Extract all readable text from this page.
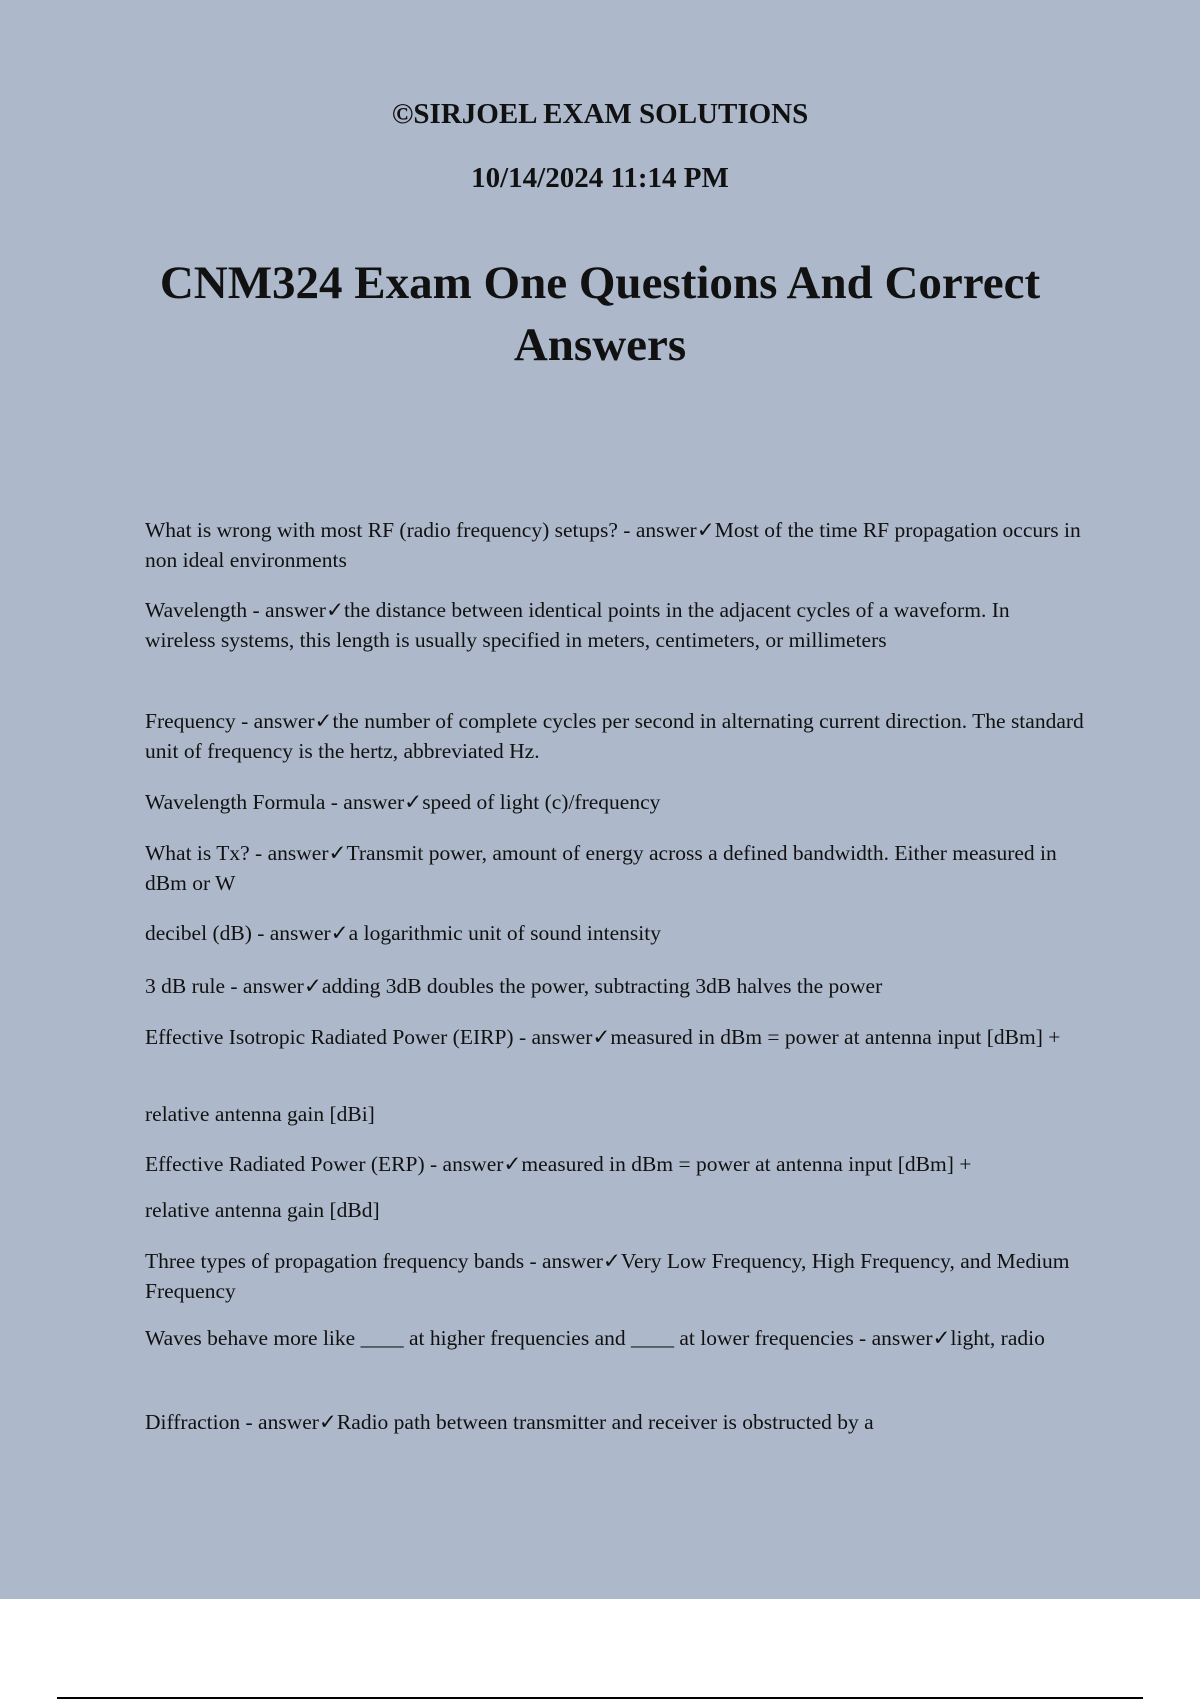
©SIRJOEL EXAM SOLUTIONS

10/14/2024 11:14 PM

CNM324 Exam One Questions And Correct Answers

What is wrong with most RF (radio frequency) setups? - answer✓Most of the time RF propagation occurs in non ideal environments

Wavelength - answer✓the distance between identical points in the adjacent cycles of a waveform. In wireless systems, this length is usually specified in meters, centimeters, or millimeters

Frequency - answer✓the number of complete cycles per second in alternating current direction. The standard unit of frequency is the hertz, abbreviated Hz.

Wavelength Formula - answer✓speed of light (c)/frequency

What is Tx? - answer✓Transmit power, amount of energy across a defined bandwidth. Either measured in dBm or W

decibel (dB) - answer✓a logarithmic unit of sound intensity

3 dB rule - answer✓adding 3dB doubles the power, subtracting 3dB halves the power

Effective Isotropic Radiated Power (EIRP) - answer✓measured in dBm = power at antenna input [dBm] +

relative antenna gain [dBi]

Effective Radiated Power (ERP) - answer✓measured in dBm = power at antenna input [dBm] +

relative antenna gain [dBd]

Three types of propagation frequency bands - answer✓Very Low Frequency, High Frequency, and Medium Frequency

Waves behave more like ____ at higher frequencies and ____ at lower frequencies - answer✓light, radio

Diffraction - answer✓Radio path between transmitter and receiver is obstructed by a
